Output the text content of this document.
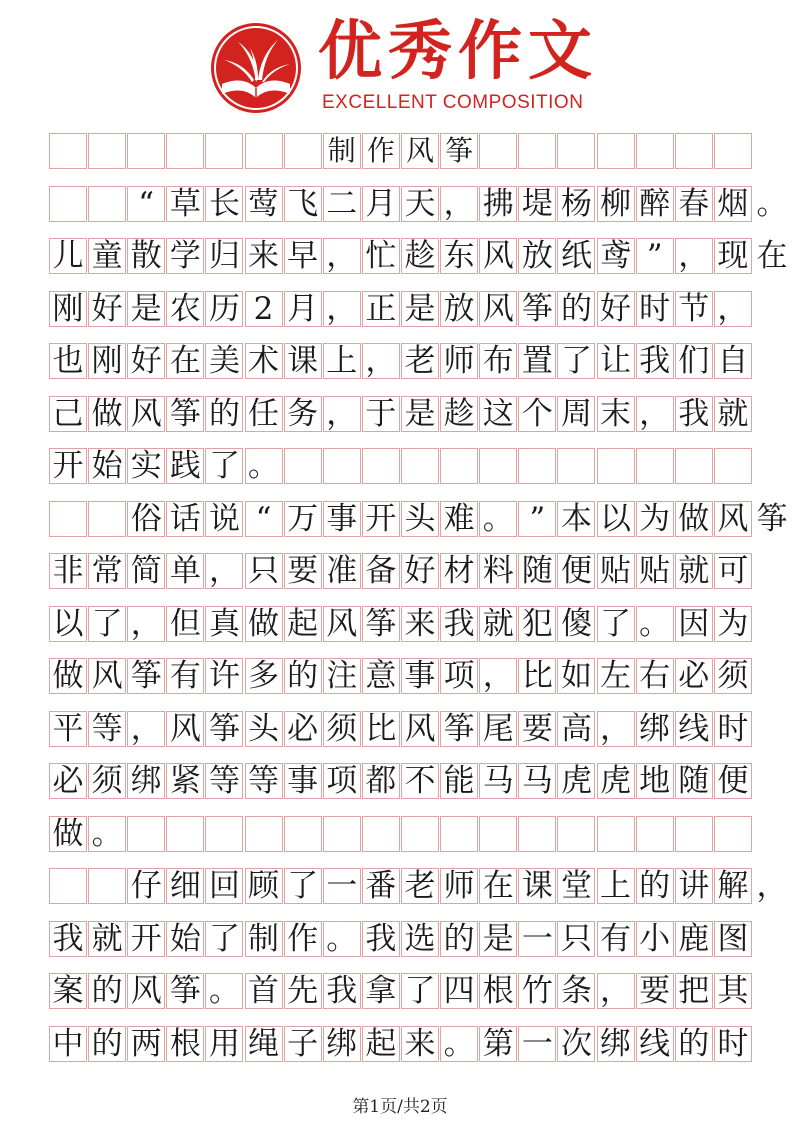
优秀作文
EXCELLENT COMPOSITION
制 作 风 筝
“ 草 长 莺 飞 二 月 天 ， 拂 堤 杨 柳 醉 春 烟 。
儿 童 散 学 归 来 早 ， 忙 趁 东 风 放 纸 鸢 ” ， 现 在
刚 好 是 农 历 2 月 ， 正 是 放 风 筝 的 好 时 节 ，
也 刚 好 在 美 术 课 上 ， 老 师 布 置 了 让 我 们 自
己 做 风 筝 的 任 务 ， 于 是 趁 这 个 周 末 ， 我 就
开 始 实 践 了 。
俗 话 说 “ 万 事 开 头 难 。 ” 本 以 为 做 风 筝
非 常 简 单 ， 只 要 准 备 好 材 料 随 便 贴 贴 就 可
以 了 ， 但 真 做 起 风 筝 来 我 就 犯 傻 了 。 因 为
做 风 筝 有 许 多 的 注 意 事 项 ， 比 如 左 右 必 须
平 等 ， 风 筝 头 必 须 比 风 筝 尾 要 高 ， 绑 线 时
必 须 绑 紧 等 等 事 项 都 不 能 马 马 虎 虎 地 随 便
做 。
仔 细 回 顾 了 一 番 老 师 在 课 堂 上 的 讲 解 ，
我 就 开 始 了 制 作 。 我 选 的 是 一 只 有 小 鹿 图
案 的 风 筝 。 首 先 我 拿 了 四 根 竹 条 ， 要 把 其
中 的 两 根 用 绳 子 绑 起 来 。 第 一 次 绑 线 的 时
第1页/共2页
